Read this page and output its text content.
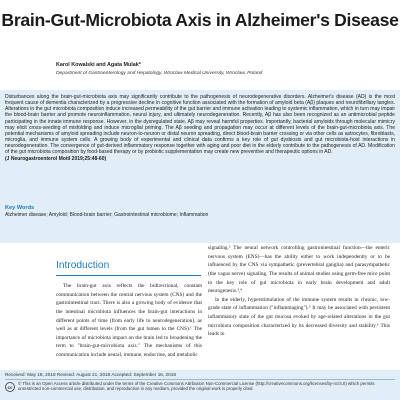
Brain-Gut-Microbiota Axis in Alzheimer's Disease
Karol Kowalski and Agata Mulak*
Department of Gastroenterology and Hepatology, Wroclaw Medical University, Wroclaw, Poland
Disturbances along the brain-gut-microbiota axis may significantly contribute to the pathogenesis of neurodegenerative disorders. Alzheimer's disease (AD) is the most frequent cause of dementia characterized by a progressive decline in cognitive function associated with the formation of amyloid beta (Aβ) plaques and neurofibrillary tangles. Alterations in the gut microbiota composition induce increased permeability of the gut barrier and immune activation leading to systemic inflammation, which in turn may impair the blood-brain barrier and promote neuroinflammation, neural injury, and ultimately neurodegeneration. Recently, Aβ has also been recognized as an antimicrobial peptide participating in the innate immune response. However, in the dysregulated state, Aβ may reveal harmful properties. Importantly, bacterial amyloids through molecular mimicry may elicit cross-seeding of misfolding and induce microglial priming. The Aβ seeding and propagation may occur at different levels of the brain-gut-microbiota axis. The potential mechanisms of amyloid spreading include neuron-to-neuron or distal neuron spreading, direct blood-brain barrier crossing or via other cells as astrocytes, fibroblasts, microglia, and immune system cells. A growing body of experimental and clinical data confirms a key role of gut dysbiosis and gut microbiota-host interactions in neurodegeneration. The convergence of gut-derived inflammatory response together with aging and poor diet in the elderly contribute to the pathogenesis of AD. Modification of the gut microbiota composition by food-based therapy or by probiotic supplementation may create new preventive and therapeutic options in AD.
(J Neurogastroenterol Motil 2019;25:48-60)
Key Words
Alzheimer disease; Amyloid; Blood-brain barrier; Gastrointestinal microbiome; Inflammation
Introduction
The brain-gut axis reflects the bidirectional, constant communication between the central nervous system (CNS) and the gastrointestinal tract. There is also a growing body of evidence that the intestinal microbiota influences the brain-gut interactions in different points of time (from early life to neurodegeneration), as well as at different levels (from the gut lumen to the CNS).¹ The importance of microbiota impact on the brain led to broadening the term to "brain-gut-microbiota axis." The mechanisms of this communication include neural, immune, endocrine, and metabolic

signaling.² The neural network controlling gastrointestinal function—the enteric nervous system (ENS)—has the ability either to work independently or to be influenced by the CNS via sympathetic (prevertebral ganglia) and parasympathetic (the vagus nerve) signaling. The results of animal studies using germ-free mice point to the key role of gut microbiota in early brain development and adult neurogenesis.³,⁴

In the elderly, hyperstimulation of the immune system results in chronic, low-grade state of inflammation ("inflammaging").⁵ It may be associated with persistent inflammatory state of the gut mucosa evoked by age-related alterations in the gut microbiota composition characterized by its decreased diversity and stability.⁶ This leads to

Received: May 18, 2018 Revised: August 21, 2018 Accepted: September 16, 2018
cc
© This is an Open Access article distributed under the terms of the Creative Commons Attribution Non-Commercial License (http://creativecommons.org/licenses/by-nc/4.0) which permits unrestricted non-commercial use, distribution, and reproduction in any medium, provided the original work is properly cited.
